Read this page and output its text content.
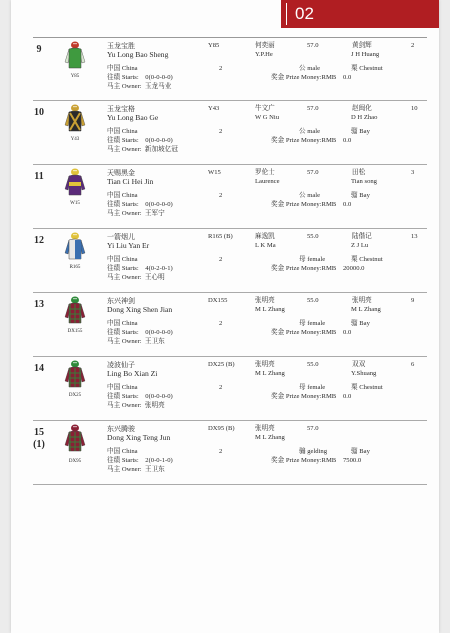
02
9
Y85
玉龙宝胜
Yu Long Bao Sheng
中国 China
往绩 Starts: 0(0-0-0-0)
马主 Owner: 玉龙马业
Y85
2
何奕丽
Y.P.He
57.0
公 male
奖金 Prize Money:RMB 0.0
黄剑辉
J H Huang
栗 Chestnut
2
10
Y43
玉龙宝格
Yu Long Bao Ge
中国 China
往绩 Starts: 0(0-0-0-0)
马主 Owner: 新加坡亿冠
Y43
2
牛文广
W G Niu
57.0
公 male
奖金 Prize Money:RMB 0.0
赵闽化
D H Zhao
骝 Bay
10
11
W15
天赐黑金
Tian Ci Hei Jin
中国 China
往绩 Starts: 0(0-0-0-0)
马主 Owner: 王军宁
W15
2
罗伦士
Laurence
57.0
公 male
奖金 Prize Money:RMB 0.0
田松
Tian song
骝 Bay
3
12
R165
一箭烟儿
Yi Liu Yan Er
中国 China
往绩 Starts: 4(0-2-0-1)
马主 Owner: 王心明
R165 (B)
2
麻逸凯
L K Ma
55.0
母 female
奖金 Prize Money:RMB 20000.0
陆偕记
Z J Lu
栗 Chestnut
13
13
DX155
东兴神剑
Dong Xing Shen Jian
中国 China
往绩 Starts: 0(0-0-0-0)
马主 Owner: 王卫东
DX155
2
张明亮
M L Zhang
55.0
母 female
奖金 Prize Money:RMB 0.0
张明亮
M L Zhang
骝 Bay
9
14
DX25
凌波仙子
Ling Bo Xian Zi
中国 China
往绩 Starts: 0(0-0-0-0)
马主 Owner: 张明亮
DX25 (B)
2
张明亮
M L Zhang
55.0
母 female
奖金 Prize Money:RMB 0.0
双双
Y.Shuang
栗 Chestnut
6
15
(1)
DX95
东兴腾骏
Dong Xing Teng Jun
中国 China
往绩 Starts: 2(0-0-1-0)
马主 Owner: 王卫东
DX95 (B)
2
张明亮
M L Zhang
57.0
骟 gelding
奖金 Prize Money:RMB 7500.0
骝 Bay
